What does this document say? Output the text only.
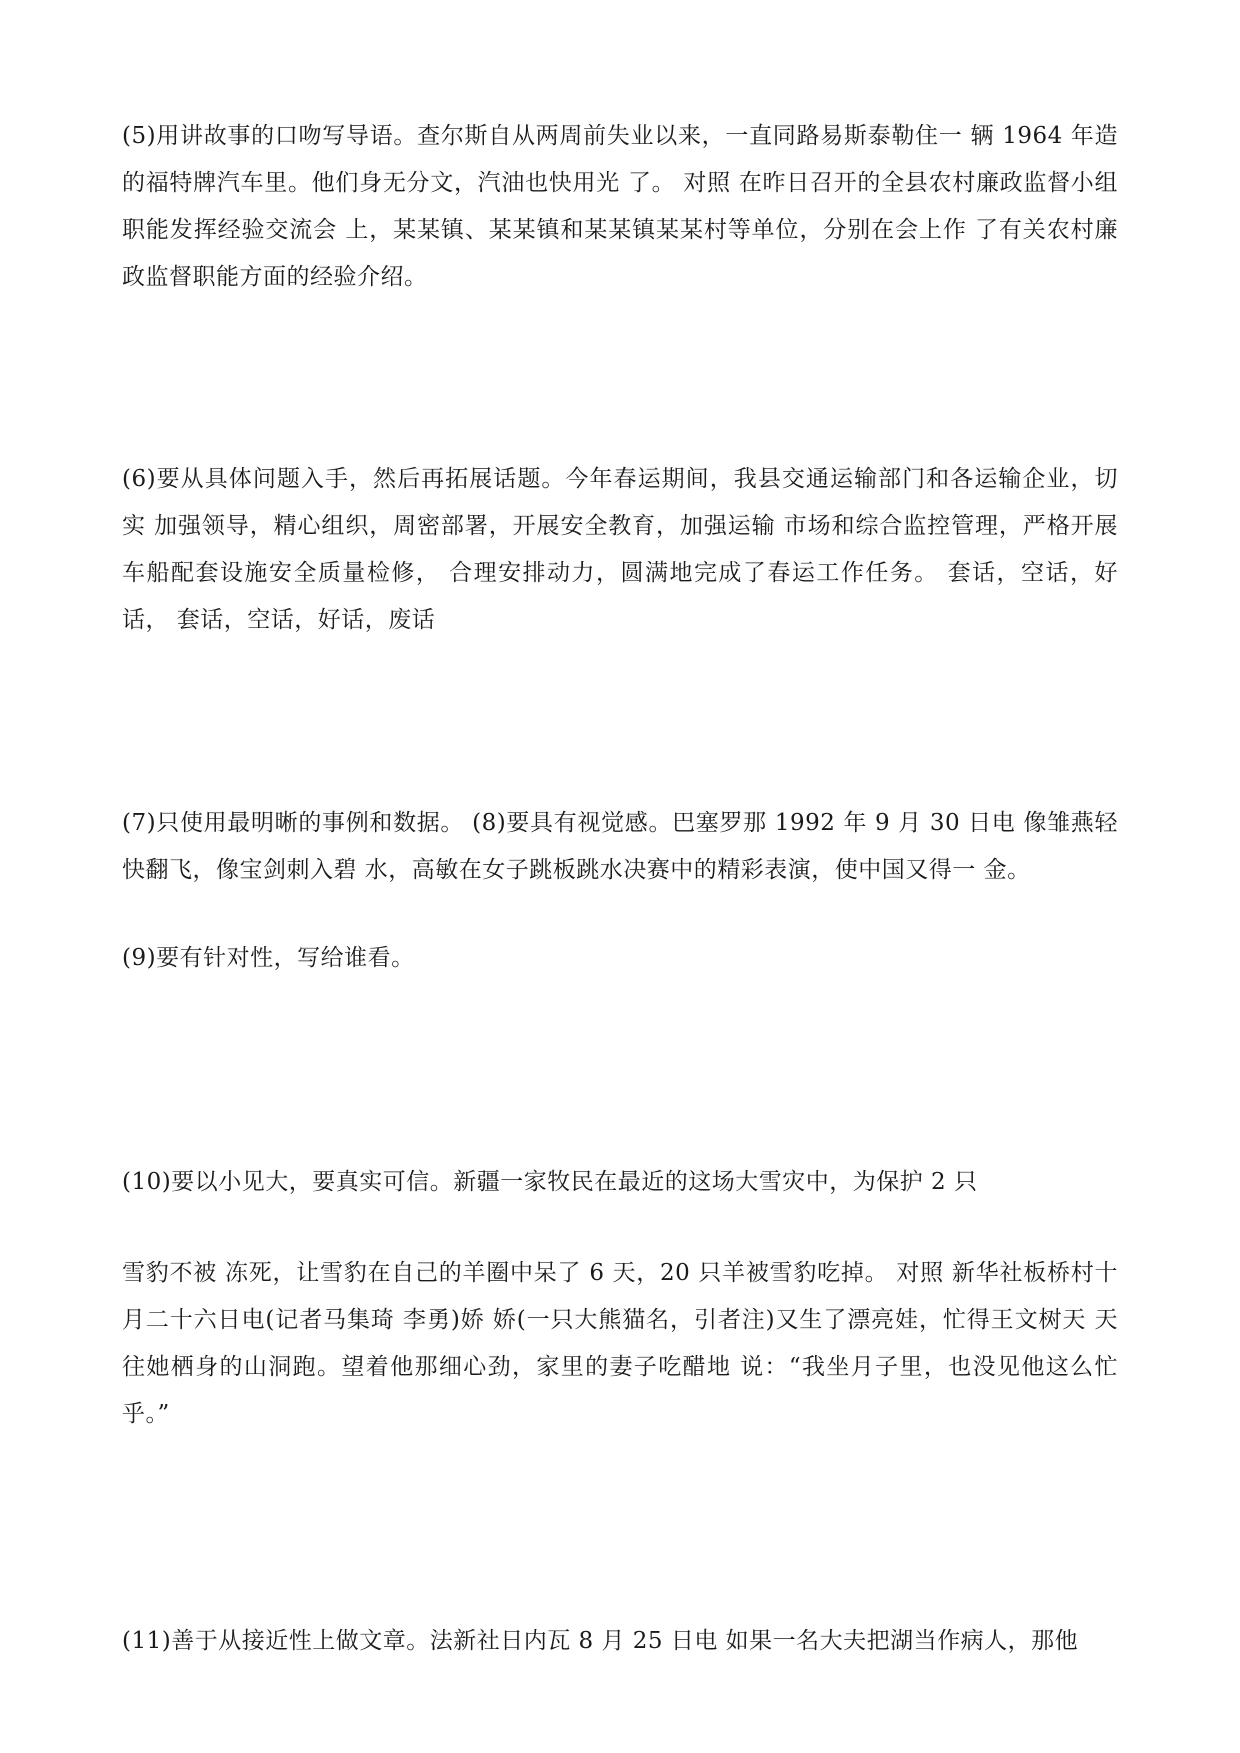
(5)用讲故事的口吻写导语。查尔斯自从两周前失业以来，一直同路易斯泰勒住一 辆 1964 年造的福特牌汽车里。他们身无分文，汽油也快用光 了。 对照 在昨日召开的全县农村廉政监督小组职能发挥经验交流会 上，某某镇、某某镇和某某镇某某村等单位，分别在会上作 了有关农村廉政监督职能方面的经验介绍。

(6)要从具体问题入手，然后再拓展话题。今年春运期间，我县交通运输部门和各运输企业，切实 加强领导，精心组织，周密部署，开展安全教育，加强运输 市场和综合监控管理，严格开展车船配套设施安全质量检修， 合理安排动力，圆满地完成了春运工作任务。 套话，空话，好话， 套话，空话，好话，废话

(7)只使用最明晰的事例和数据。 (8)要具有视觉感。巴塞罗那 1992 年 9 月 30 日电 像雏燕轻快翻飞，像宝剑刺入碧 水，高敏在女子跳板跳水决赛中的精彩表演，使中国又得一 金。

(9)要有针对性，写给谁看。

(10)要以小见大，要真实可信。新疆一家牧民在最近的这场大雪灾中，为保护 2 只

雪豹不被 冻死，让雪豹在自己的羊圈中呆了 6 天，20 只羊被雪豹吃掉。 对照 新华社板桥村十月二十六日电(记者马集琦 李勇)娇 娇(一只大熊猫名，引者注)又生了漂亮娃，忙得王文树天 天往她栖身的山洞跑。望着他那细心劲，家里的妻子吃醋地 说：“我坐月子里，也没见他这么忙乎。”

(11)善于从接近性上做文章。法新社日内瓦 8 月 25 日电 如果一名大夫把湖当作病人，那他
